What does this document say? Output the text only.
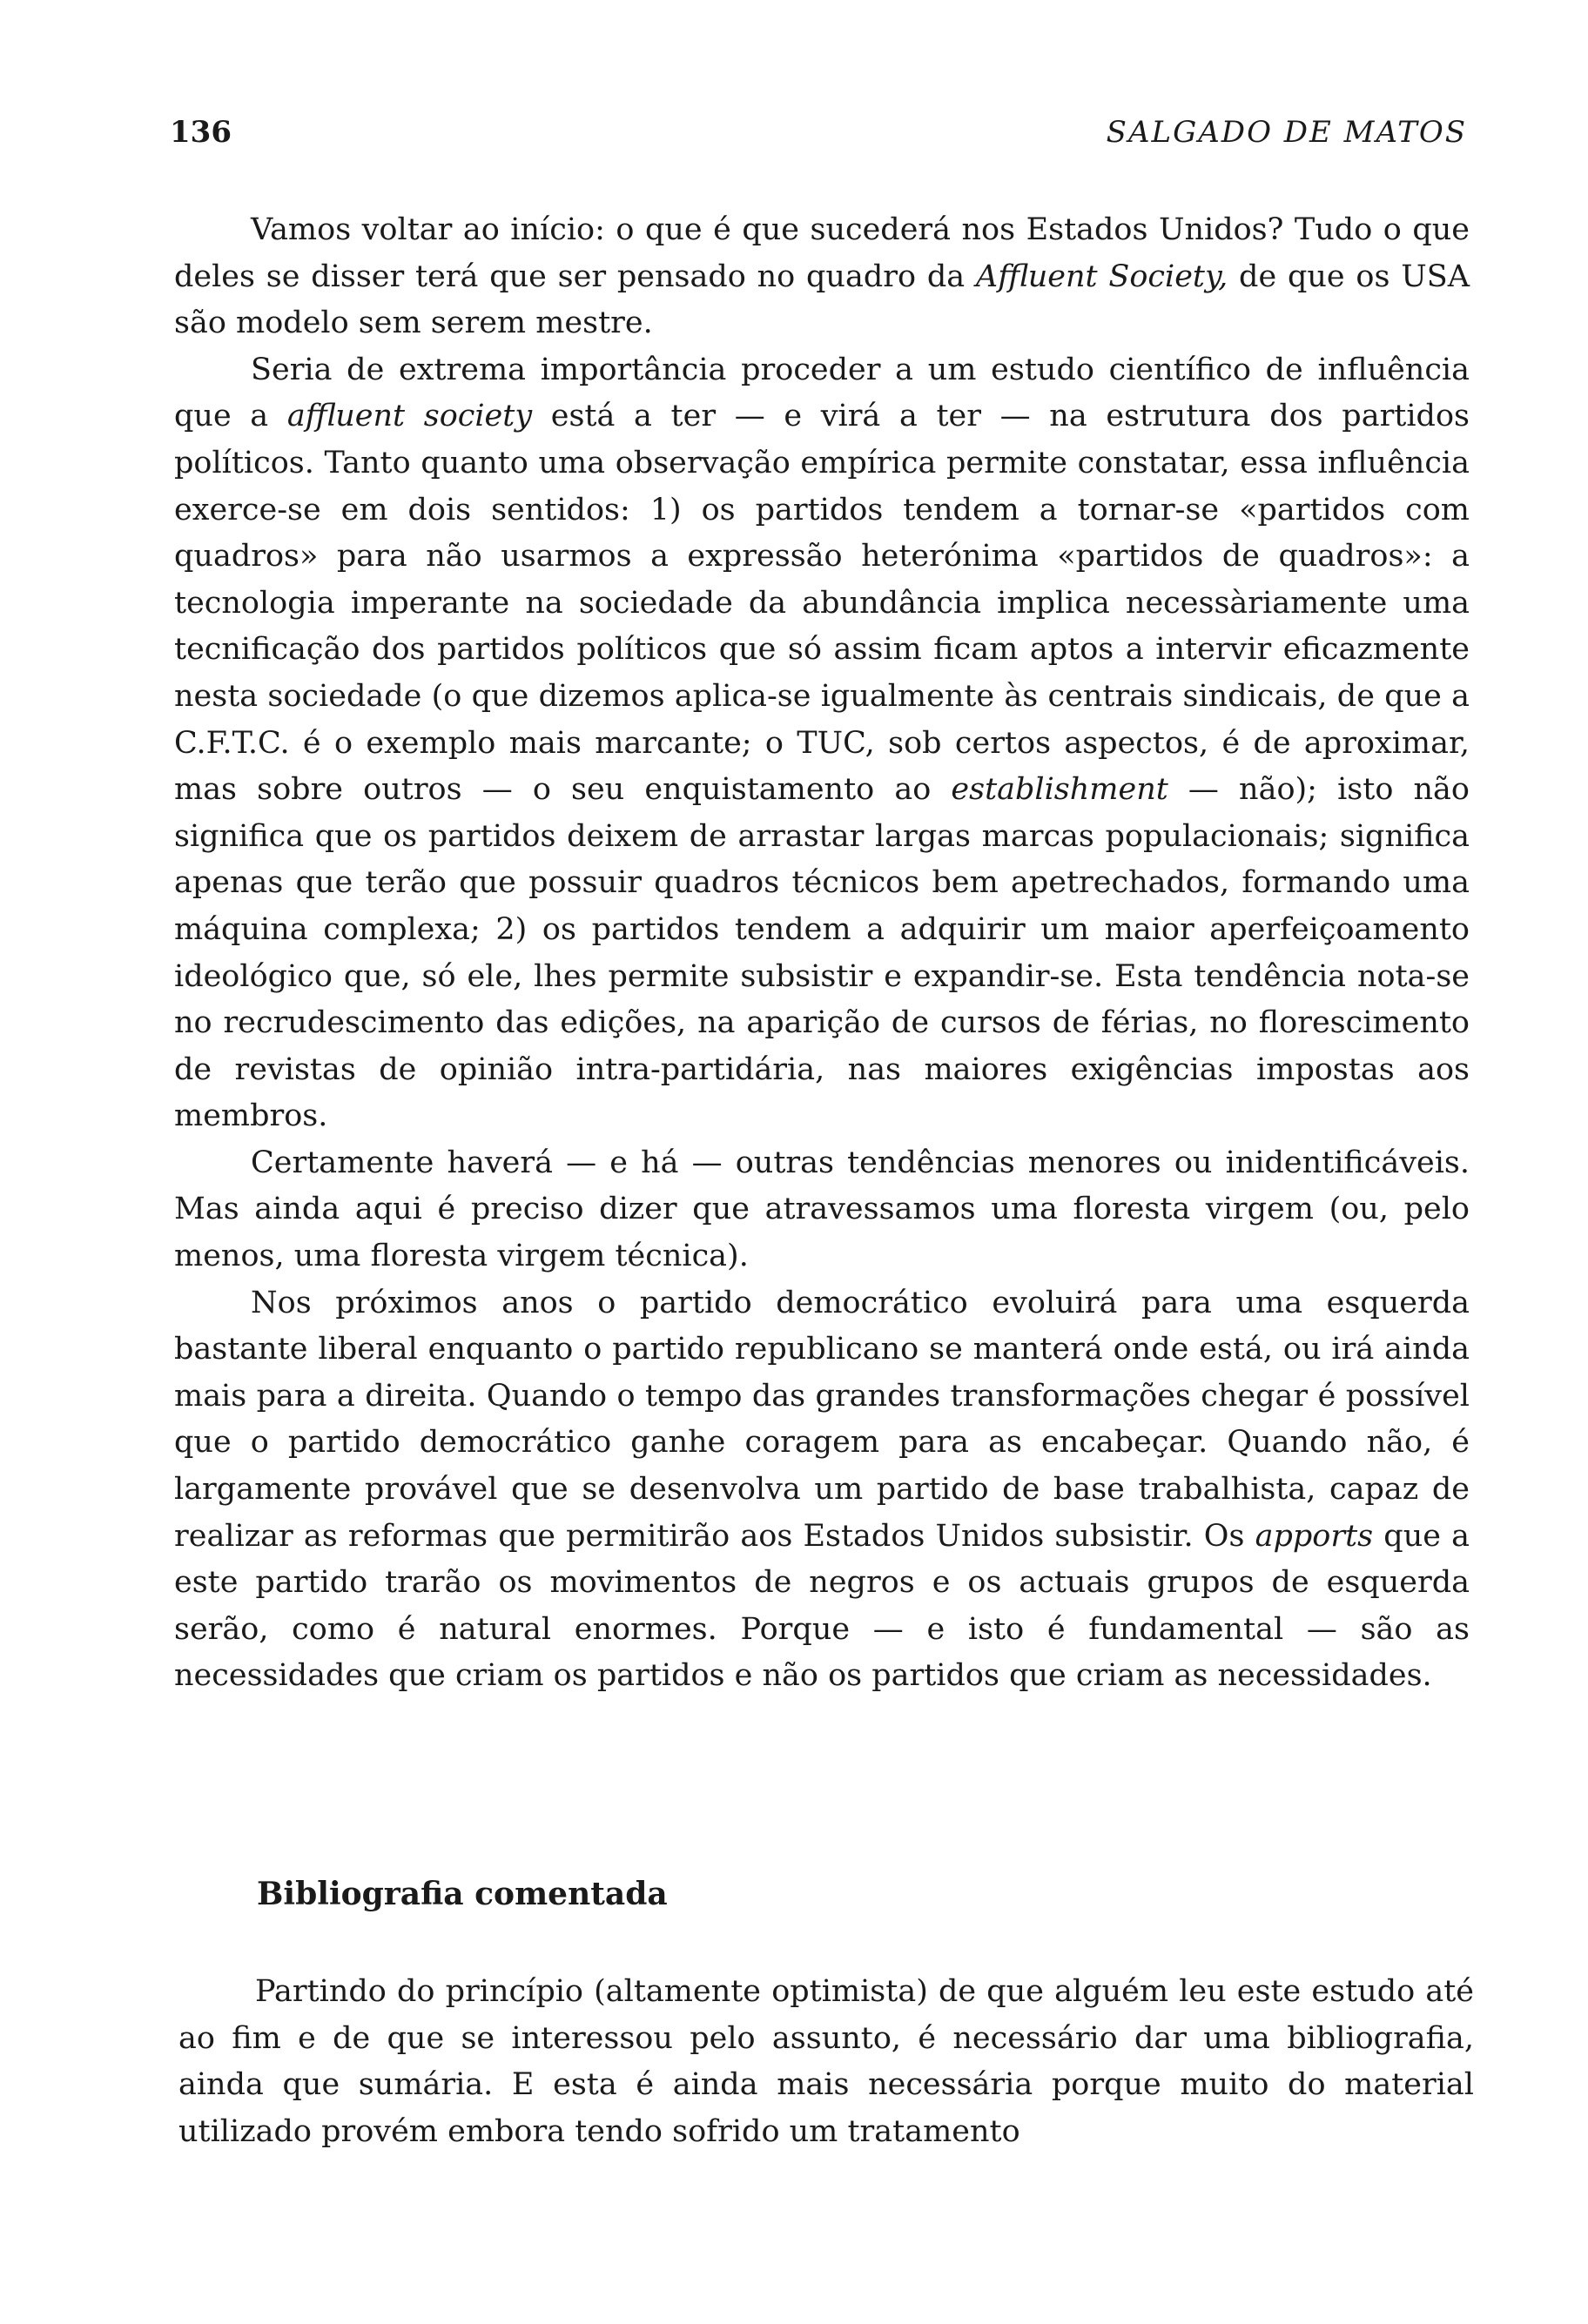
136	SALGADO DE MATOS

Vamos voltar ao início: o que é que sucederá nos Estados Unidos? Tudo o que deles se disser terá que ser pensado no quadro da Affluent Society, de que os USA são modelo sem serem mestre.

Seria de extrema importância proceder a um estudo científico de influência que a affluent society está a ter — e virá a ter — na estrutura dos partidos políticos. Tanto quanto uma observação empírica permite constatar, essa influência exerce-se em dois sentidos: 1) os partidos tendem a tornar-se «partidos com quadros» para não usarmos a expressão heterónima «partidos de quadros»: a tecnologia imperante na sociedade da abundância implica necessàriamente uma tecnificação dos partidos políticos que só assim ficam aptos a intervir eficazmente nesta sociedade (o que dizemos aplica-se igualmente às centrais sindicais, de que a C.F.T.C. é o exemplo mais marcante; o TUC, sob certos aspectos, é de aproximar, mas sobre outros — o seu enquistamento ao establishment — não); isto não significa que os partidos deixem de arrastar largas marcas populacionais; significa apenas que terão que possuir quadros técnicos bem apetrechados, formando uma máquina complexa; 2) os partidos tendem a adquirir um maior aperfeiçoamento ideológico que, só ele, lhes permite subsistir e expandir-se. Esta tendência nota-se no recrudescimento das edições, na aparição de cursos de férias, no florescimento de revistas de opinião intra-partidária, nas maiores exigências impostas aos membros.

Certamente haverá — e há — outras tendências menores ou inidentificáveis. Mas ainda aqui é preciso dizer que atravessamos uma floresta virgem (ou, pelo menos, uma floresta virgem técnica).

Nos próximos anos o partido democrático evoluirá para uma esquerda bastante liberal enquanto o partido republicano se manterá onde está, ou irá ainda mais para a direita. Quando o tempo das grandes transformações chegar é possível que o partido democrático ganhe coragem para as encabeçar. Quando não, é largamente provável que se desenvolva um partido de base trabalhista, capaz de realizar as reformas que permitirão aos Estados Unidos subsistir. Os apports que a este partido trarão os movimentos de negros e os actuais grupos de esquerda serão, como é natural enormes. Porque — e isto é fundamental — são as necessidades que criam os partidos e não os partidos que criam as necessidades.

Bibliografia comentada

Partindo do princípio (altamente optimista) de que alguém leu este estudo até ao fim e de que se interessou pelo assunto, é necessário dar uma bibliografia, ainda que sumária. E esta é ainda mais necessária porque muito do material utilizado provém embora tendo sofrido um tratamento
